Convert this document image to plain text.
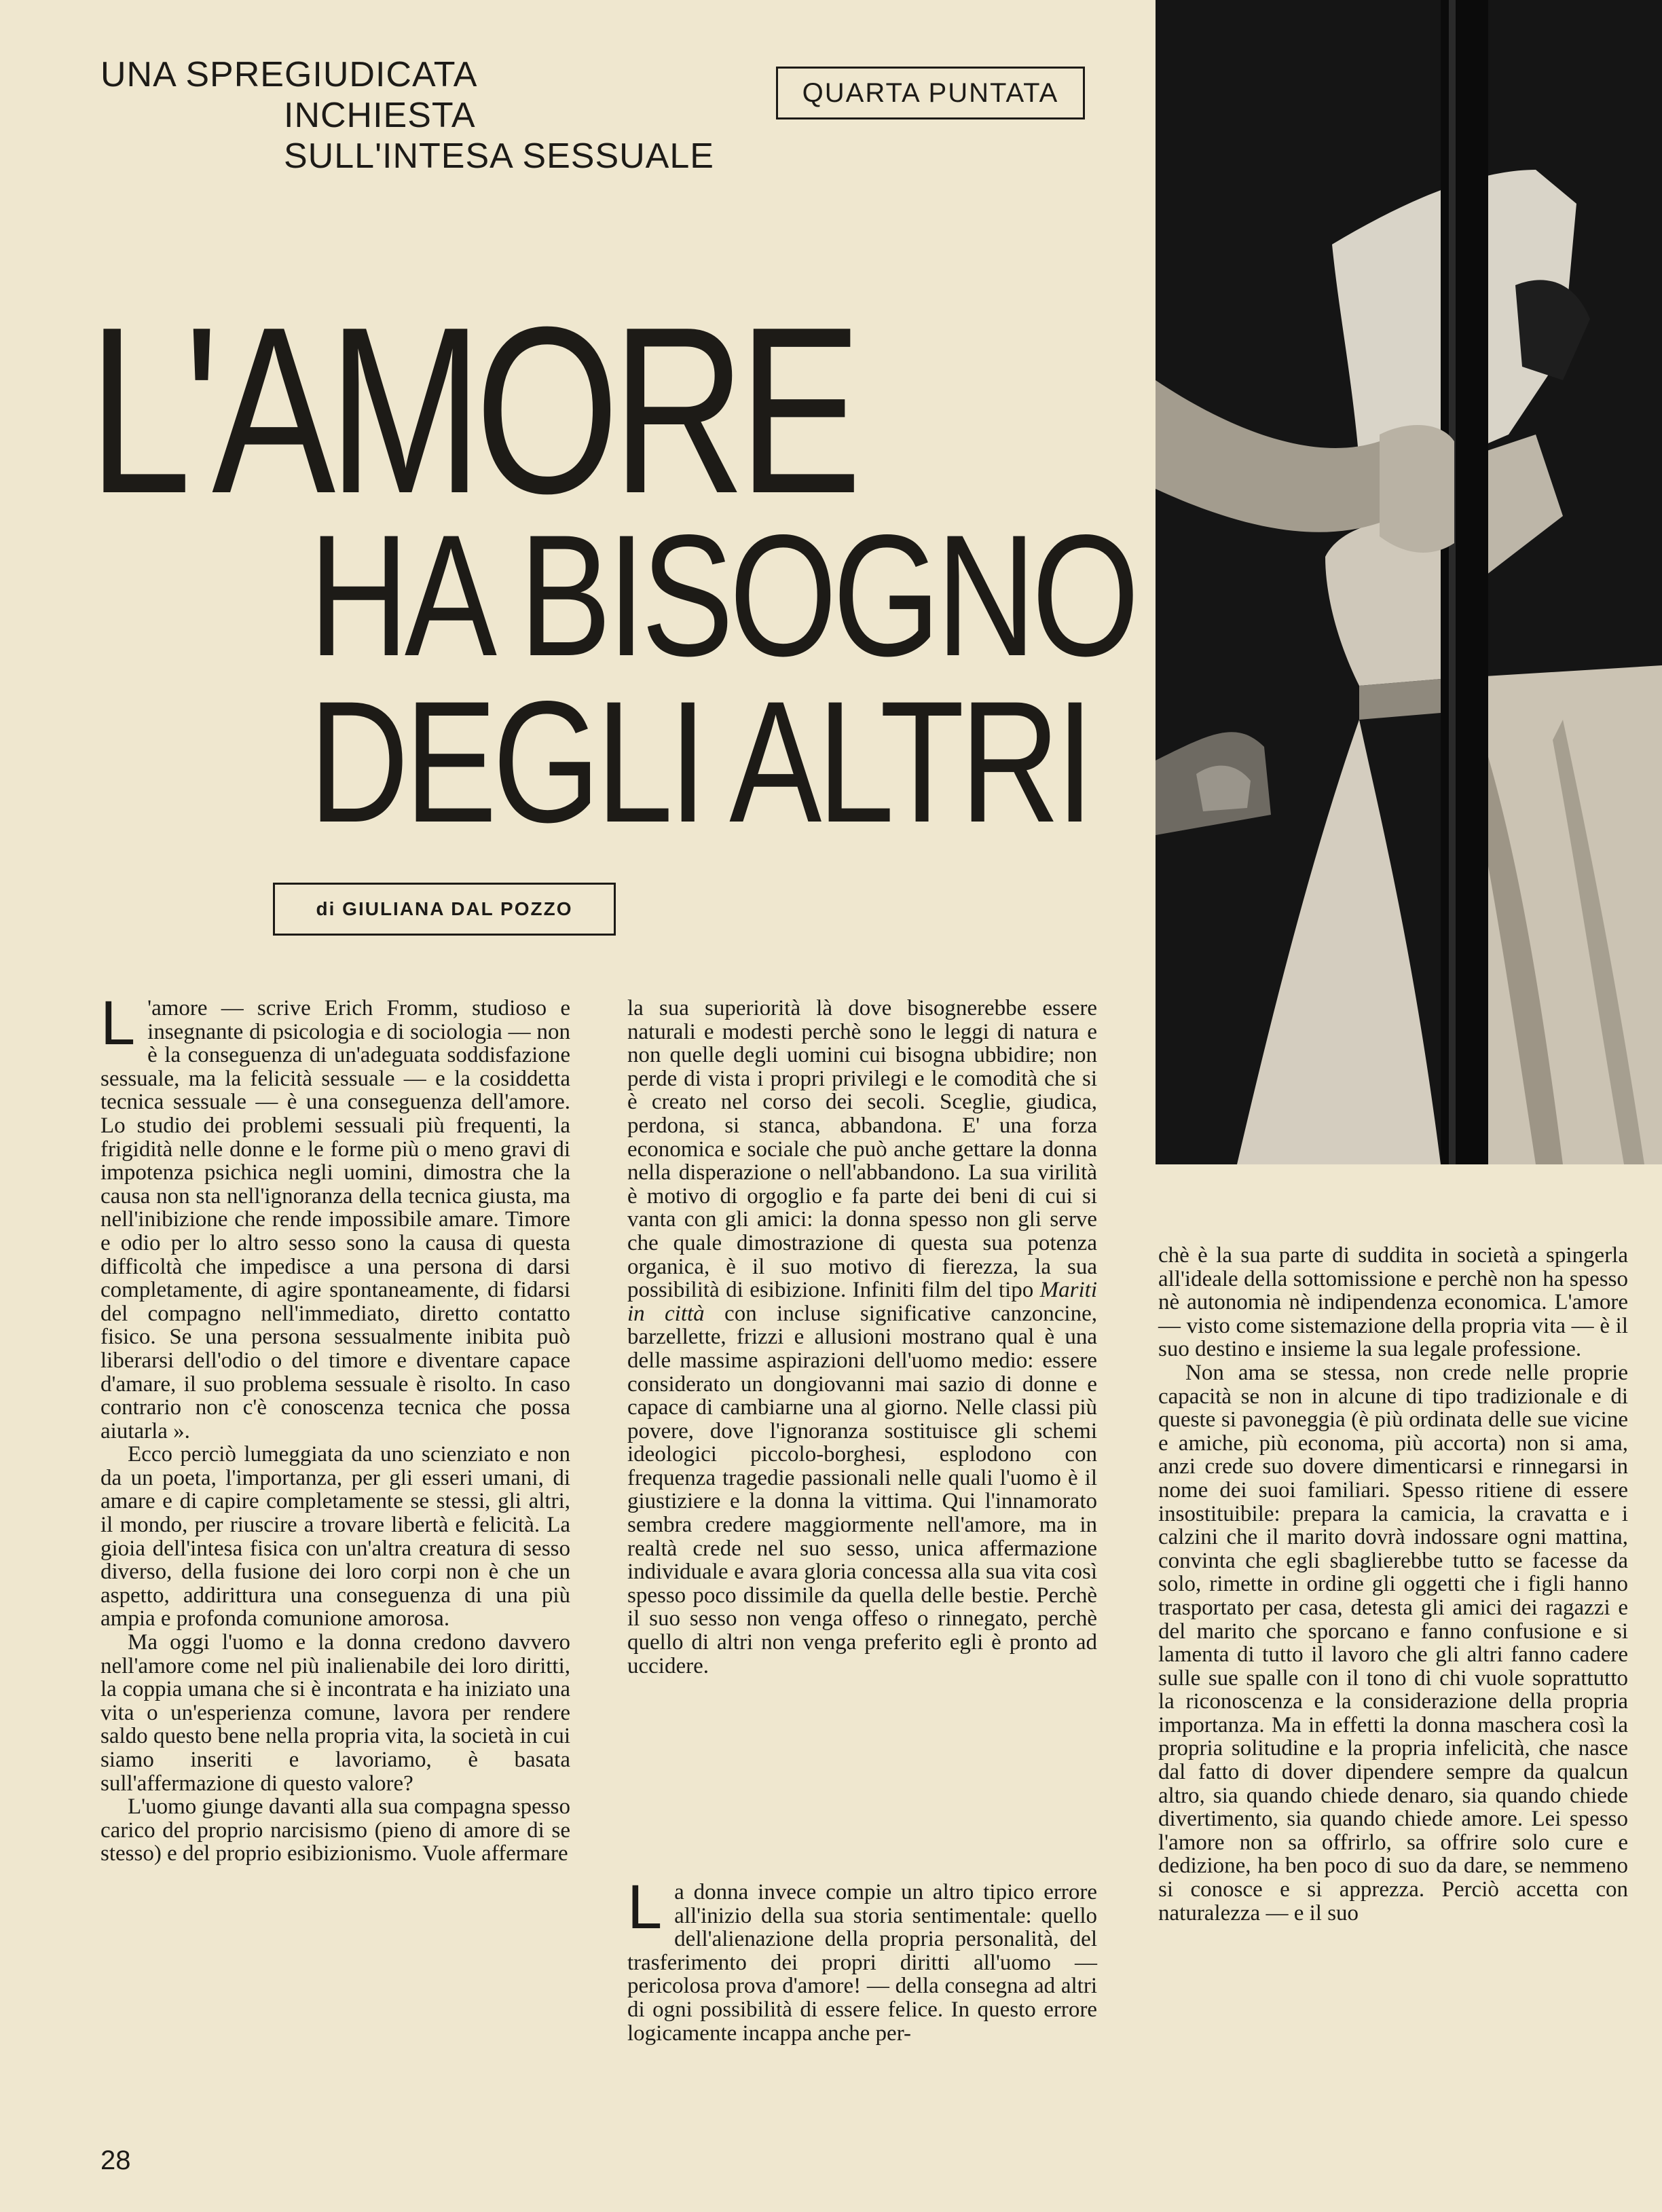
UNA SPREGIUDICATA
INCHIESTA
SULL'INTESA SESSUALE
QUARTA PUNTATA
L'AMORE
HA BISOGNO
DEGLI ALTRI
di GIULIANA DAL POZZO

L 'amore — scrive Erich Fromm, studioso e insegnante di psicologia e di sociologia — non è la conseguenza di un'adeguata soddisfazione sessuale, ma la felicità sessuale — e la cosiddetta tecnica sessuale — è una conseguenza dell'amore. Lo studio dei problemi sessuali più frequenti, la frigidità nelle donne e le forme più o meno gravi di impotenza psichica negli uomini, dimostra che la causa non sta nell'ignoranza della tecnica giusta, ma nell'inibizione che rende impossibile amare. Timore e odio per lo altro sesso sono la causa di questa difficoltà che impedisce a una persona di darsi completamente, di agire spontaneamente, di fidarsi del compagno nell'immediato, diretto contatto fisico. Se una persona sessualmente inibita può liberarsi dell'odio o del timore e diventare capace d'amare, il suo problema sessuale è risolto. In caso contrario non c'è conoscenza tecnica che possa aiutarla ».

Ecco perciò lumeggiata da uno scienziato e non da un poeta, l'importanza, per gli esseri umani, di amare e di capire completamente se stessi, gli altri, il mondo, per riuscire a trovare libertà e felicità. La gioia dell'intesa fisica con un'altra creatura di sesso diverso, della fusione dei loro corpi non è che un aspetto, addirittura una conseguenza di una più ampia e profonda comunione amorosa.

Ma oggi l'uomo e la donna credono davvero nell'amore come nel più inalienabile dei loro diritti, la coppia umana che si è incontrata e ha iniziato una vita o un'esperienza comune, lavora per rendere saldo questo bene nella propria vita, la società in cui siamo inseriti e lavoriamo, è basata sull'affermazione di questo valore?

L'uomo giunge davanti alla sua compagna spesso carico del proprio narcisismo (pieno di amore di se stesso) e del proprio esibizionismo. Vuole affermare

la sua superiorità là dove bisognerebbe essere naturali e modesti perchè sono le leggi di natura e non quelle degli uomini cui bisogna ubbidire; non perde di vista i propri privilegi e le comodità che si è creato nel corso dei secoli. Sceglie, giudica, perdona, si stanca, abbandona. E' una forza economica e sociale che può anche gettare la donna nella disperazione o nell'abbandono. La sua virilità è motivo di orgoglio e fa parte dei beni di cui si vanta con gli amici: la donna spesso non gli serve che quale dimostrazione di questa sua potenza organica, è il suo motivo di fierezza, la sua possibilità di esibizione. Infiniti film del tipo Mariti in città con incluse significative canzoncine, barzellette, frizzi e allusioni mostrano qual è una delle massime aspirazioni dell'uomo medio: essere considerato un dongiovanni mai sazio di donne e capace di cambiarne una al giorno. Nelle classi più povere, dove l'ignoranza sostituisce gli schemi ideologici piccolo-borghesi, esplodono con frequenza tragedie passionali nelle quali l'uomo è il giustiziere e la donna la vittima. Qui l'innamorato sembra credere maggiormente nell'amore, ma in realtà crede nel suo sesso, unica affermazione individuale e avara gloria concessa alla sua vita così spesso poco dissimile da quella delle bestie. Perchè il suo sesso non venga offeso o rinnegato, perchè quello di altri non venga preferito egli è pronto ad uccidere.

La donna invece compie un altro tipico errore all'inizio della sua storia sentimentale: quello dell'alienazione della propria personalità, del trasferimento dei propri diritti all'uomo — pericolosa prova d'amore! — della consegna ad altri di ogni possibilità di essere felice. In questo errore logicamente incappa anche per-

chè è la sua parte di suddita in società a spingerla all'ideale della sottomissione e perchè non ha spesso nè autonomia nè indipendenza economica. L'amore — visto come sistemazione della propria vita — è il suo destino e insieme la sua legale professione.

Non ama se stessa, non crede nelle proprie capacità se non in alcune di tipo tradizionale e di queste si pavoneggia (è più ordinata delle sue vicine e amiche, più economa, più accorta) non si ama, anzi crede suo dovere dimenticarsi e rinnegarsi in nome dei suoi familiari. Spesso ritiene di essere insostituibile: prepara la camicia, la cravatta e i calzini che il marito dovrà indossare ogni mattina, convinta che egli sbaglierebbe tutto se facesse da solo, rimette in ordine gli oggetti che i figli hanno trasportato per casa, detesta gli amici dei ragazzi e del marito che sporcano e fanno confusione e si lamenta di tutto il lavoro che gli altri fanno cadere sulle sue spalle con il tono di chi vuole soprattutto la riconoscenza e la considerazione della propria importanza. Ma in effetti la donna maschera così la propria solitudine e la propria infelicità, che nasce dal fatto di dover dipendere sempre da qualcun altro, sia quando chiede denaro, sia quando chiede divertimento, sia quando chiede amore. Lei spesso l'amore non sa offrirlo, sa offrire solo cure e dedizione, ha ben poco di suo da dare, se nemmeno si conosce e si apprezza. Perciò accetta con naturalezza — e il suo

28
